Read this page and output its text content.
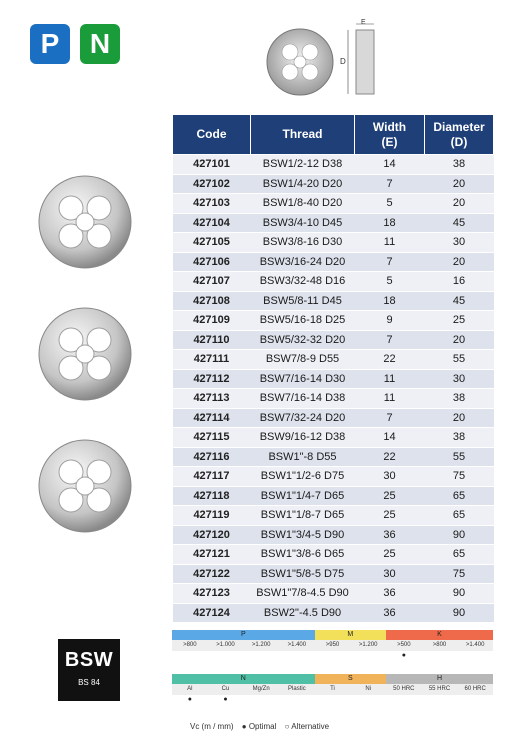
P	N
E
D
Code	Thread	Width
(E)	Diameter
(D)
427101	BSW1/2-12 D38	14	38
427102	BSW1/4-20 D20	7	20
427103	BSW1/8-40 D20	5	20
427104	BSW3/4-10 D45	18	45
427105	BSW3/8-16 D30	11	30
427106	BSW3/16-24 D20	7	20
427107	BSW3/32-48 D16	5	16
427108	BSW5/8-11 D45	18	45
427109	BSW5/16-18 D25	9	25
427110	BSW5/32-32 D20	7	20
427111	BSW7/8-9 D55	22	55
427112	BSW7/16-14 D30	11	30
427113	BSW7/16-14 D38	11	38
427114	BSW7/32-24 D20	7	20
427115	BSW9/16-12 D38	14	38
427116	BSW1"-8 D55	22	55
427117	BSW1"1/2-6 D75	30	75
427118	BSW1"1/4-7 D65	25	65
427119	BSW1"1/8-7 D65	25	65
427120	BSW1"3/4-5 D90	36	90
427121	BSW1"3/8-6 D65	25	65
427122	BSW1"5/8-5 D75	30	75
427123	BSW1"7/8-4.5 D90	36	90
427124	BSW2"-4.5 D90	36	90
BSW
BS 84
P
>800	>1.000	>1.200	>1.400
M
>950	>1.200
K
>500	>800	>1.400
●
N
Al	Cu	Mg/Zn	Plastic
●	●
S
Ti	Ni
H
50 HRC	55 HRC	60 HRC
Vc (m / mm) ● Optimal ○ Alternative
